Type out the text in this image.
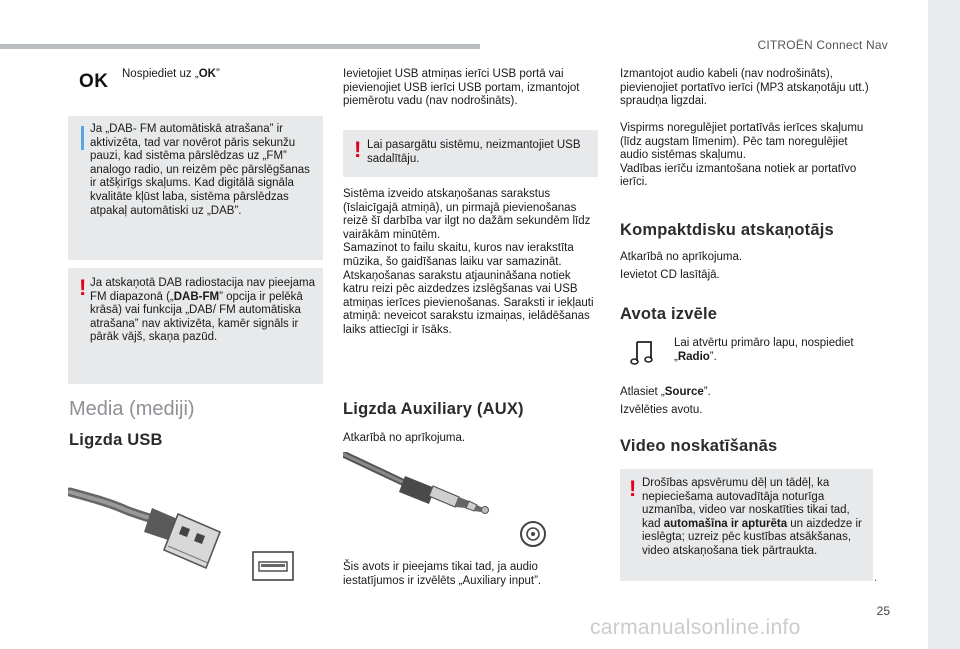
CITROËN Connect Nav
OK Nospiediet uz „OK”
Ja „DAB- FM automātiskā atrašana” ir aktivizēta, tad var novērot pāris sekunžu pauzi, kad sistēma pārslēdzas uz „FM” analogo radio, un reizēm pēc pārslēgšanas ir atšķirīgs skaļums. Kad digitālā signāla kvalitāte kļūst laba, sistēma pārslēdzas atpakaļ automātiski uz „DAB”.
! Ja atskaņotā DAB radiostacija nav pieejama FM diapazonā („DAB-FM” opcija ir pelēkā krāsā) vai funkcija „DAB/ FM automātiska atrašana” nav aktivizēta, kamēr signāls ir pārāk vājš, skaņa pazūd.
Media (mediji)
Ligzda USB
Ievietojiet USB atmiņas ierīci USB portā vai pievienojiet USB ierīci USB portam, izmantojot piemērotu vadu (nav nodrošināts).
! Lai pasargātu sistēmu, neizmantojiet USB sadalītāju.
Sistēma izveido atskaņošanas sarakstus (īslaicīgajā atmiņā), un pirmajā pievienošanas reizē šī darbība var ilgt no dažām sekundēm līdz vairākām minūtēm.
Samazinot to failu skaitu, kuros nav ierakstīta mūzika, šo gaidīšanas laiku var samazināt.
Atskaņošanas sarakstu atjaunināšana notiek katru reizi pēc aizdedzes izslēgšanas vai USB atmiņas ierīces pievienošanas. Saraksti ir iekļauti atmiņā: neveicot sarakstu izmaiņas, ielādēšanas laiks attiecīgi ir īsāks.
Ligzda Auxiliary (AUX)
Atkarībā no aprīkojuma.
Šis avots ir pieejams tikai tad, ja audio iestatījumos ir izvēlēts „Auxiliary input”.
Izmantojot audio kabeli (nav nodrošināts), pievienojiet portatīvo ierīci (MP3 atskaņotāju utt.) spraudņa ligzdai.
Vispirms noregulējiet portatīvās ierīces skaļumu (līdz augstam līmenim). Pēc tam noregulējiet audio sistēmas skaļumu.
Vadības ierīču izmantošana notiek ar portatīvo ierīci.
Kompaktdisku atskaņotājs
Atkarībā no aprīkojuma.
Ievietot CD lasītājā.
Avota izvēle
Lai atvērtu primāro lapu, nospiediet „Radio”.
Atlasiet „Source”.
Izvēlēties avotu.
Video noskatīšanās
! Drošības apsvērumu dēļ un tādēļ, ka nepieciešama autovadītāja noturīga uzmanība, video var noskatīties tikai tad, kad automašīna ir apturēta un aizdedze ir ieslēgta; uzreiz pēc kustības atsākšanas, video atskaņošana tiek pārtraukta.
.
25
carmanualsonline.info
